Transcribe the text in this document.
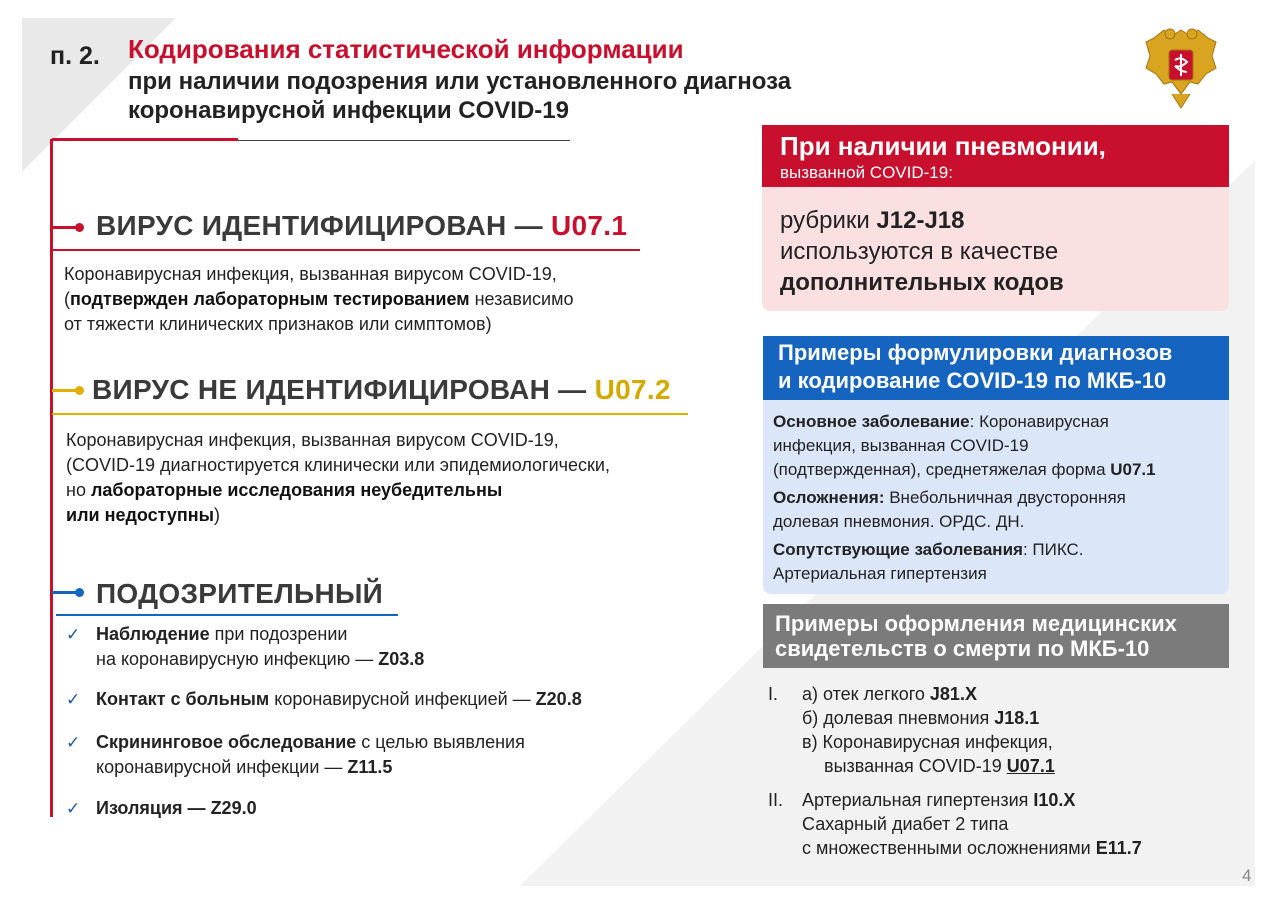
п. 2. Кодирования статистической информации
при наличии подозрения или установленного диагноза
коронавирусной инфекции COVID-19
ВИРУС ИДЕНТИФИЦИРОВАН — U07.1
Коронавирусная инфекция, вызванная вирусом COVID-19,
(подтвержден лабораторным тестированием независимо
от тяжести клинических признаков или симптомов)
ВИРУС НЕ ИДЕНТИФИЦИРОВАН — U07.2
Коронавирусная инфекция, вызванная вирусом COVID-19,
(COVID-19 диагностируется клинически или эпидемиологически,
но лабораторные исследования неубедительны
или недоступны)
ПОДОЗРИТЕЛЬНЫЙ
✓ Наблюдение при подозрении
на коронавирусную инфекцию — Z03.8
✓ Контакт с больным коронавирусной инфекцией — Z20.8
✓ Скрининговое обследование с целью выявления
коронавирусной инфекции — Z11.5
✓ Изоляция — Z29.0
При наличии пневмонии,
вызванной COVID-19:
рубрики J12-J18
используются в качестве
дополнительных кодов
Примеры формулировки диагнозов
и кодирование COVID-19 по МКБ-10
Основное заболевание: Коронавирусная
инфекция, вызванная COVID-19
(подтвержденная), среднетяжелая форма U07.1
Осложнения: Внебольничная двусторонняя
долевая пневмония. ОРДС. ДН.
Сопутствующие заболевания: ПИКС.
Артериальная гипертензия
Примеры оформления медицинских
свидетельств о смерти по МКБ-10
I. а) отек легкого J81.X
б) долевая пневмония J18.1
в) Коронавирусная инфекция,
вызванная COVID-19 U07.1
II. Артериальная гипертензия I10.X
Сахарный диабет 2 типа
с множественными осложнениями E11.7
4
